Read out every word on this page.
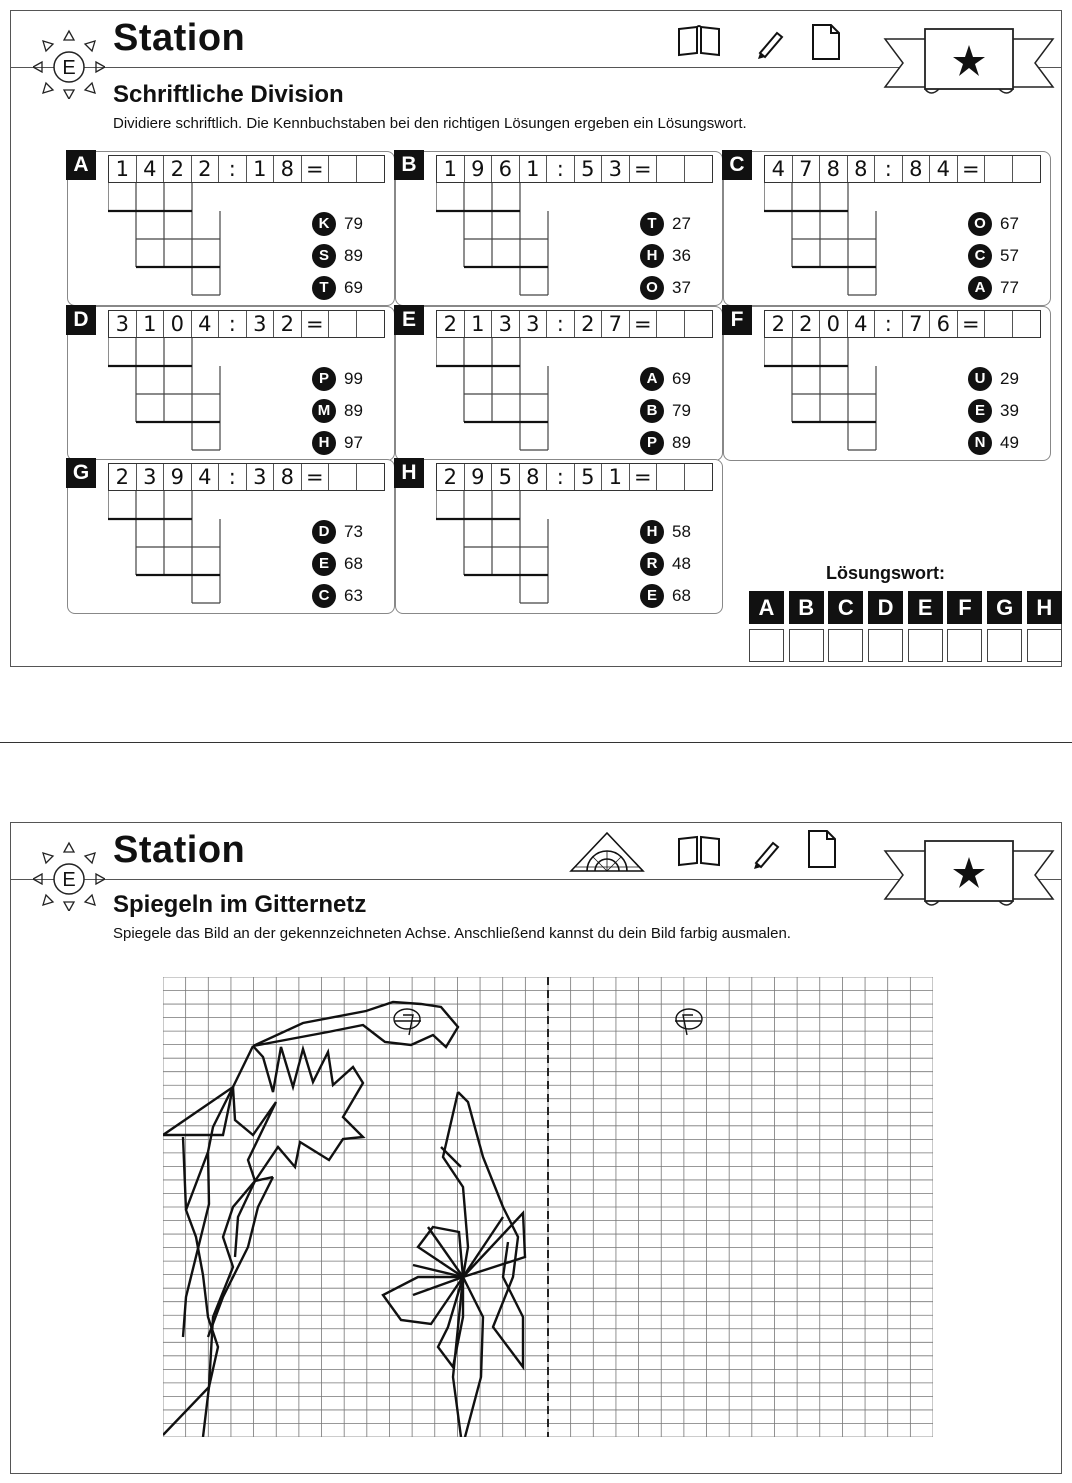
E
Station
Schriftliche Division
Dividiere schriftlich. Die Kennbuchstaben bei den richtigen Lösungen ergeben ein Lösungswort.
A	1 4 2 2 : 1 8 =
K 79
S 89
T 69
B	1 9 6 1 : 5 3 =
T 27
H 36
O 37
C	4 7 8 8 : 8 4 =
O 67
C 57
A 77
D	3 1 0 4 : 3 2 =
P 99
M 89
H 97
E	2 1 3 3 : 2 7 =
A 69
B 79
P 89
F	2 2 0 4 : 7 6 =
U 29
E 39
N 49
G	2 3 9 4 : 3 8 =
D 73
E 68
C 63
H	2 9 5 8 : 5 1 =
H 58
R 48
E 68
Lösungswort:
A	B	C	D	E	F	G	H
E
Station
Spiegeln im Gitternetz
Spiegele das Bild an der gekennzeichneten Achse. Anschließend kannst du dein Bild farbig ausmalen.
